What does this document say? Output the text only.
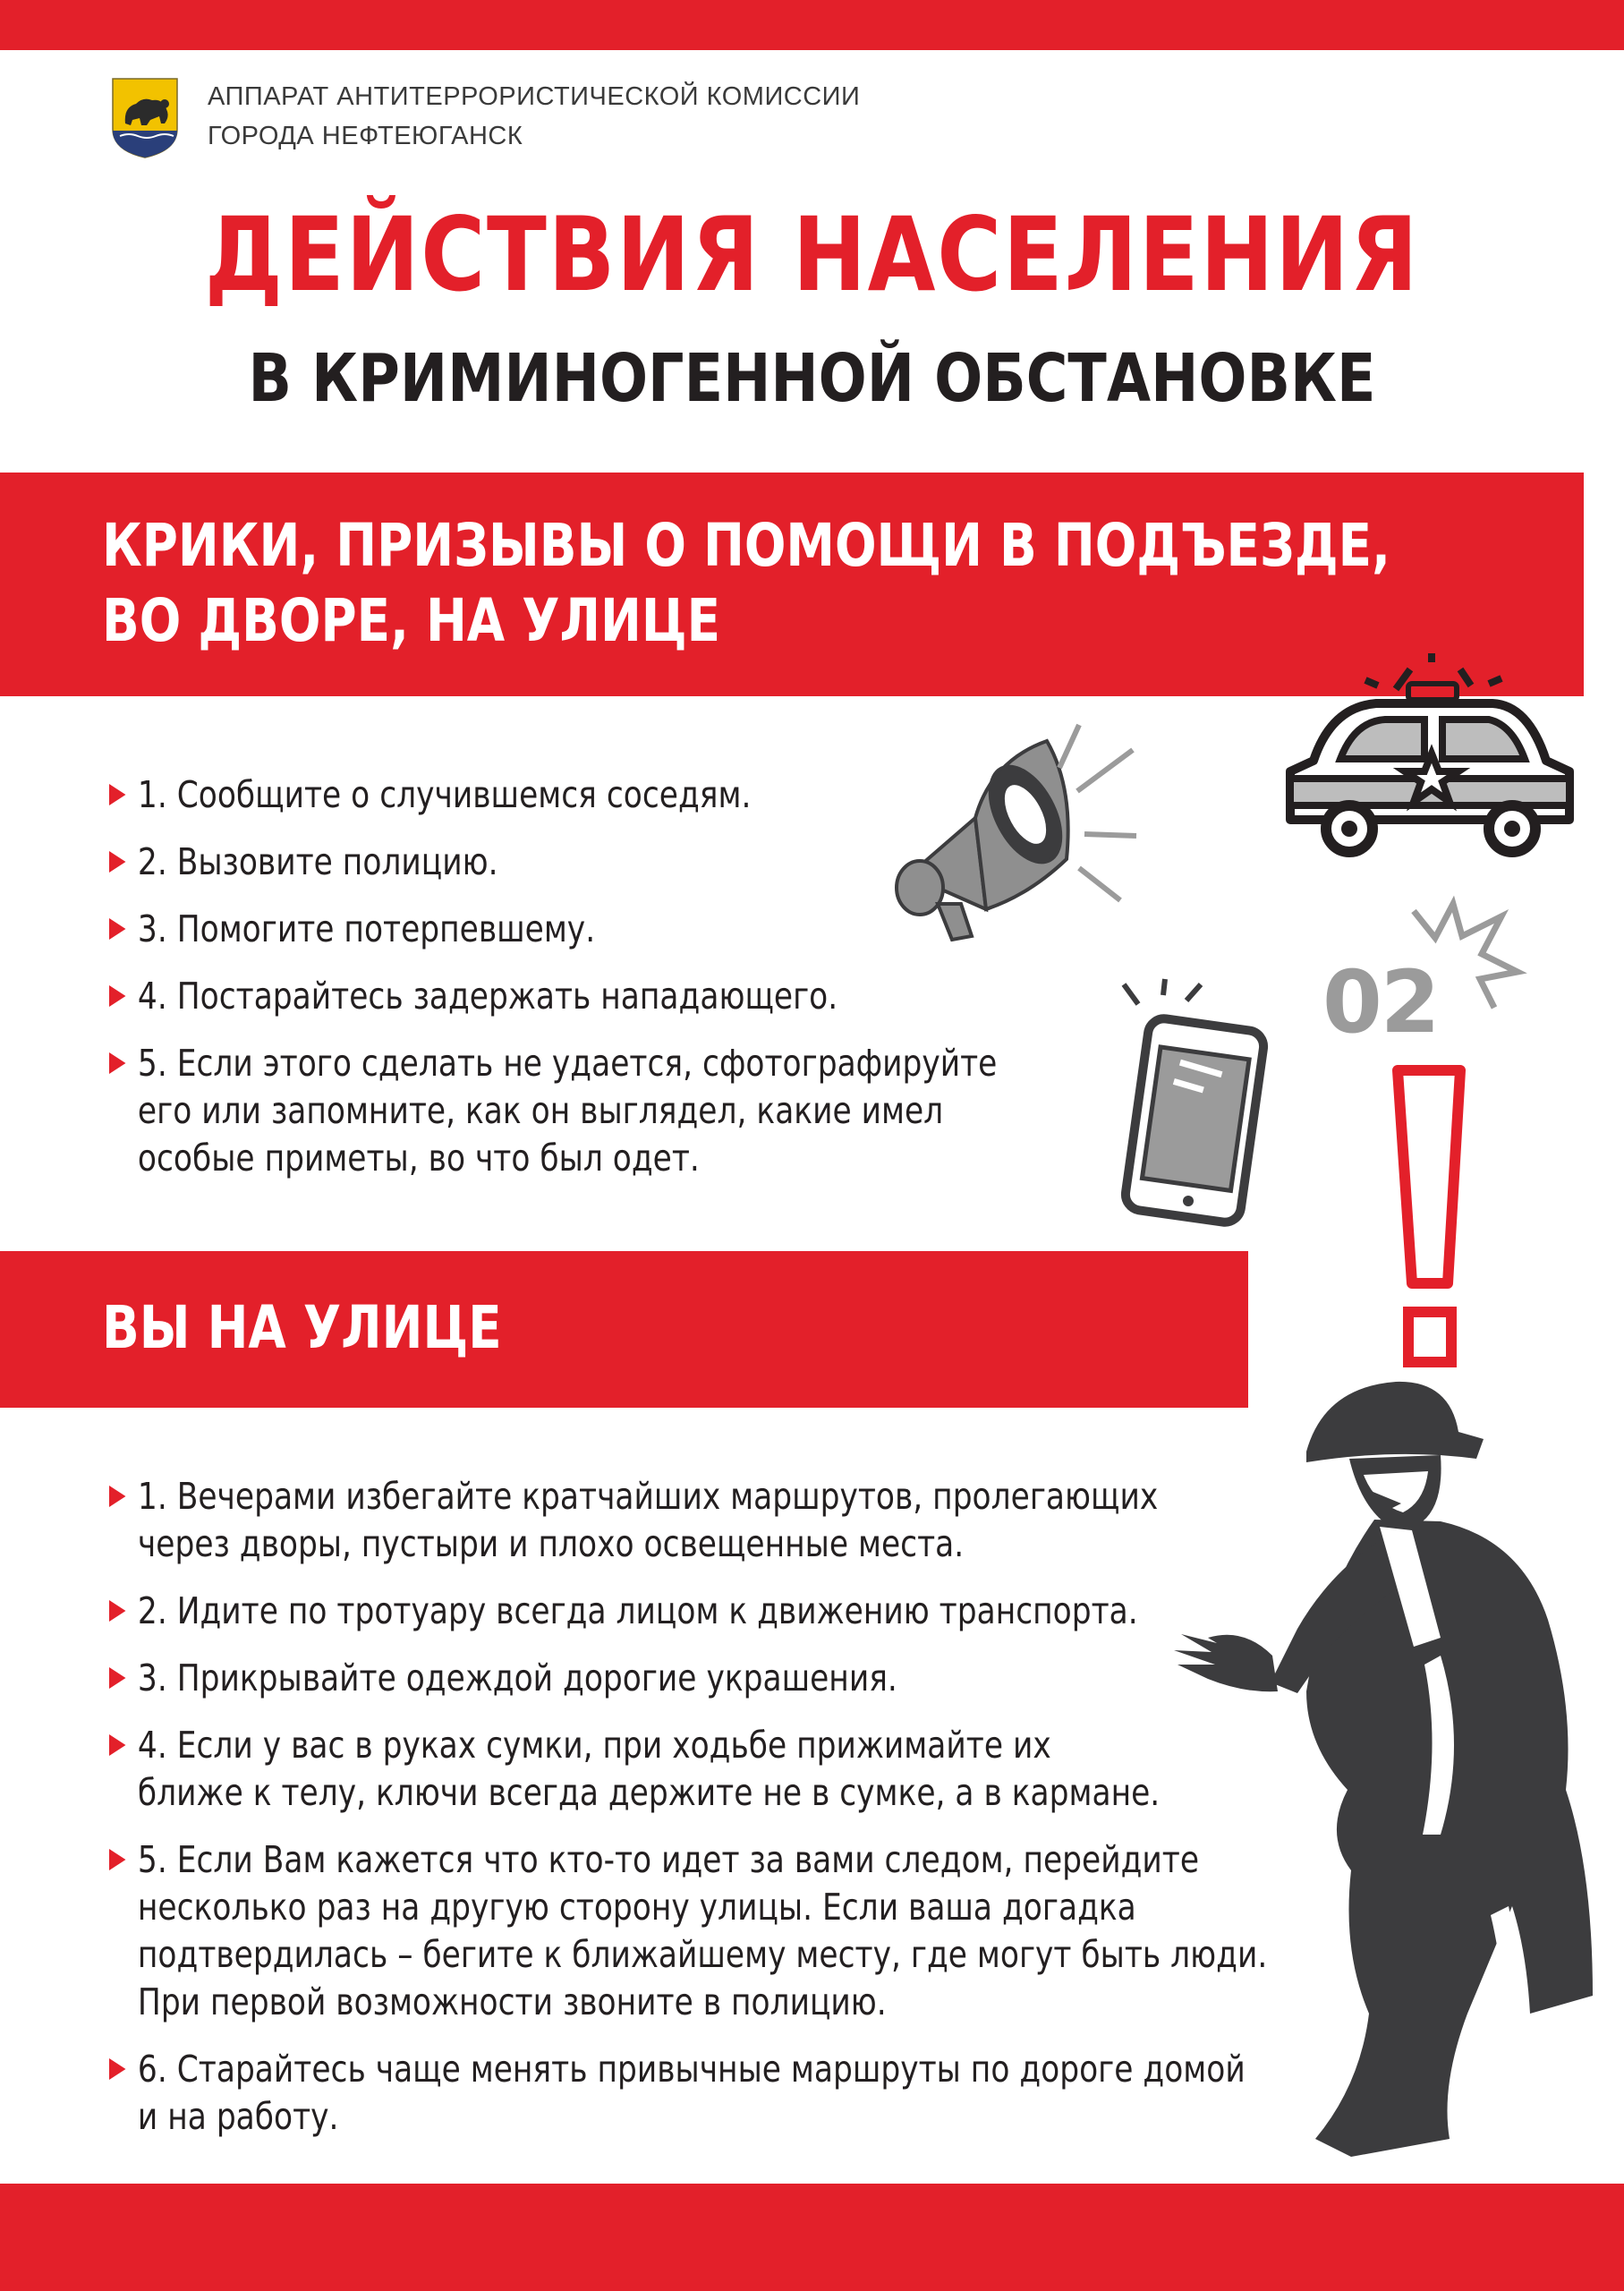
АППАРАТ АНТИТЕРРОРИСТИЧЕСКОЙ КОМИССИИ
ГОРОДА НЕФТЕЮГАНСК
ДЕЙСТВИЯ НАСЕЛЕНИЯ
В КРИМИНОГЕННОЙ ОБСТАНОВКЕ
КРИКИ, ПРИЗЫВЫ О ПОМОЩИ В ПОДЪЕЗДЕ,
ВО ДВОРЕ, НА УЛИЦЕ
1. Сообщите о случившемся соседям.
2. Вызовите полицию.
3. Помогите потерпевшему.
4. Постарайтесь задержать нападающего.
5. Если этого сделать не удается, сфотографируйте
его или запомните, как он выглядел, какие имел
особые приметы, во что был одет.
02
ВЫ НА УЛИЦЕ
1. Вечерами избегайте кратчайших маршрутов, пролегающих
через дворы, пустыри и плохо освещенные места.
2. Идите по тротуару всегда лицом к движению транспорта.
3. Прикрывайте одеждой дорогие украшения.
4. Если у вас в руках сумки, при ходьбе прижимайте их
ближе к телу, ключи всегда держите не в сумке, а в кармане.
5. Если Вам кажется что кто-то идет за вами следом, перейдите
несколько раз на другую сторону улицы. Если ваша догадка
подтвердилась – бегите к ближайшему месту, где могут быть люди.
При первой возможности звоните в полицию.
6. Старайтесь чаще менять привычные маршруты по дороге домой
и на работу.
